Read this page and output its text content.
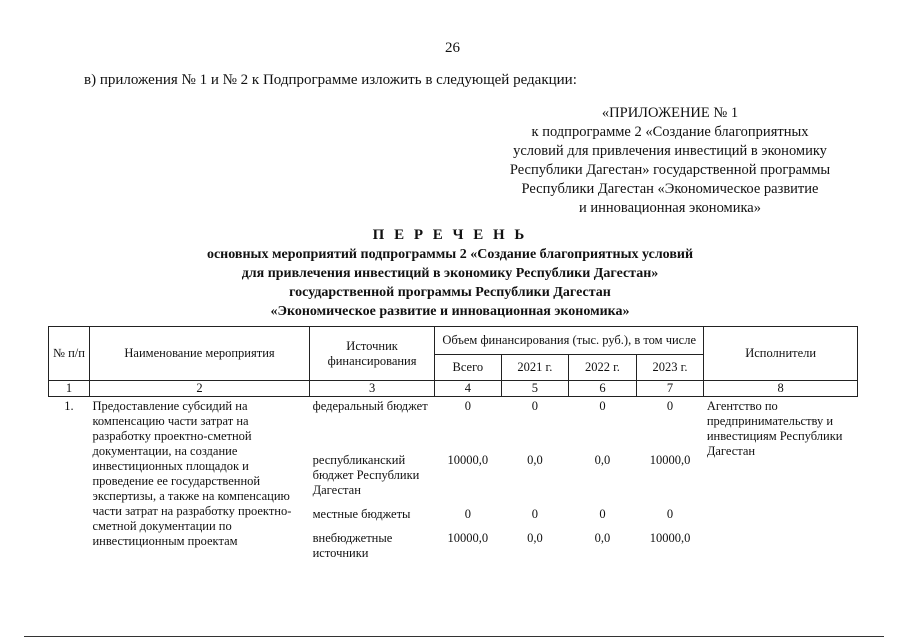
26
в) приложения № 1 и № 2 к Подпрограмме изложить в следующей редакции:
«ПРИЛОЖЕНИЕ № 1
к подпрограмме 2 «Создание благоприятных
условий для привлечения инвестиций в экономику
Республики Дагестан» государственной программы
Республики Дагестан «Экономическое развитие
и инновационная экономика»
П Е Р Е Ч Е Н Ь
основных мероприятий подпрограммы 2 «Создание благоприятных условий
для привлечения инвестиций в экономику Республики Дагестан»
государственной программы Республики Дагестан
«Экономическое развитие и инновационная экономика»
№ п/п	Наименование мероприятия	Источник финансирования	Объем финансирования (тыс. руб.), в том числе				Исполнители
			Всего	2021 г.	2022 г.	2023 г.	
1	2	3	4	5	6	7	8
1.	Предоставление субсидий на компенсацию части затрат на разработку проектно-сметной документации, на создание инвестиционных площадок и проведение ее государственной экспертизы, а также на компенсацию части затрат на разработку проектно-сметной документации по инвестиционным проектам	федеральный бюджет	0	0	0	0	Агентство по предпринимательству и инвестициям Республики Дагестан
		республиканский бюджет Республики Дагестан	10000,0	0,0	0,0	10000,0	
		местные бюджеты	0	0	0	0	
		внебюджетные источники	10000,0	0,0	0,0	10000,0	
